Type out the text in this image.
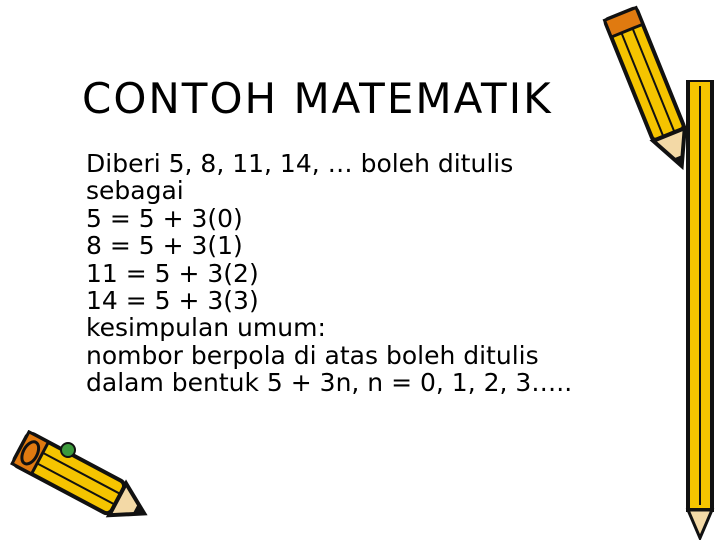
CONTOH MATEMATIK
Diberi 5, 8, 11, 14, … boleh ditulis
sebagai
5 = 5 + 3(0)
8 = 5 + 3(1)
11 = 5 + 3(2)
14 = 5 + 3(3)
kesimpulan umum:
nombor berpola di atas boleh ditulis
dalam bentuk 5 + 3n, n = 0, 1, 2, 3…..
